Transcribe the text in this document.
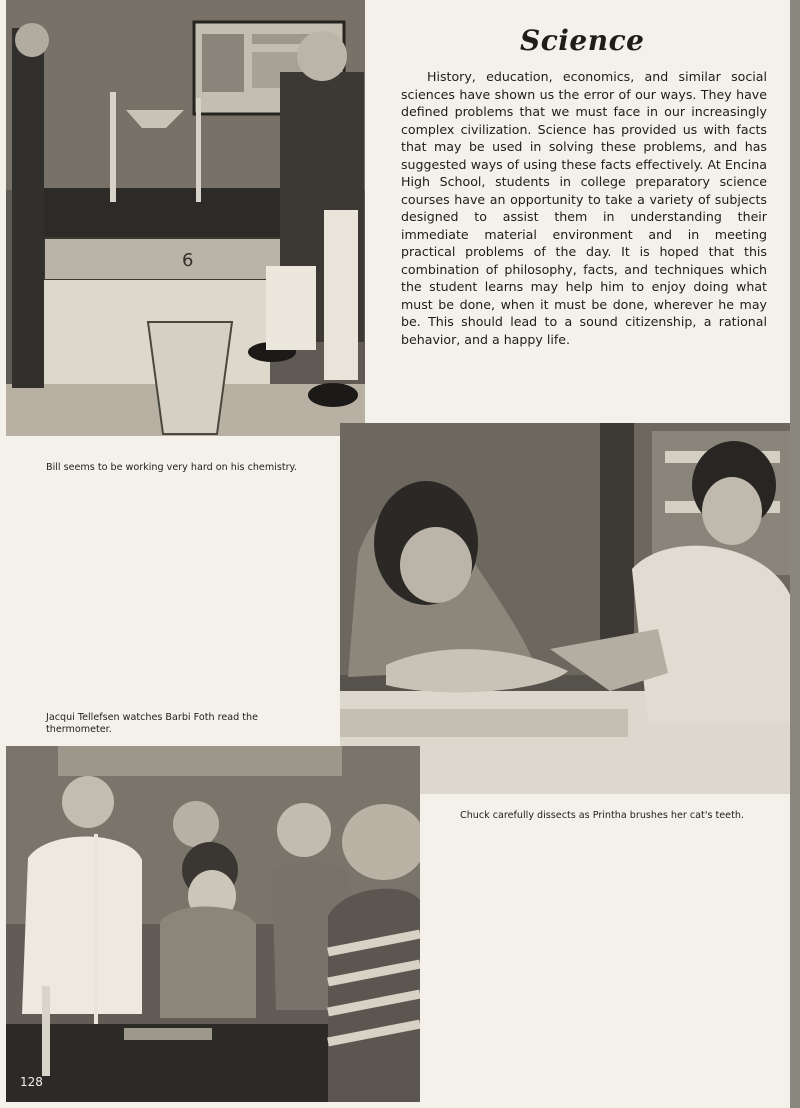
6
Science
History, education, economics, and similar social sciences have shown us the error of our ways. They have defined problems that we must face in our increasingly complex civilization. Science has provided us with facts that may be used in solving these problems, and has suggested ways of using these facts effectively. At Encina High School, students in college preparatory science courses have an opportunity to take a variety of subjects designed to assist them in understanding their immediate material environment and in meeting practical problems of the day. It is hoped that this combination of philosophy, facts, and techniques which the student learns may help him to enjoy doing what must be done, when it must be done, wherever he may be. This should lead to a sound citizenship, a rational behavior, and a happy life.
Bill seems to be working very hard on his chemistry.
Jacqui Tellefsen watches Barbi Foth read the thermometer.
Chuck carefully dissects as Printha brushes her cat's teeth.
128
